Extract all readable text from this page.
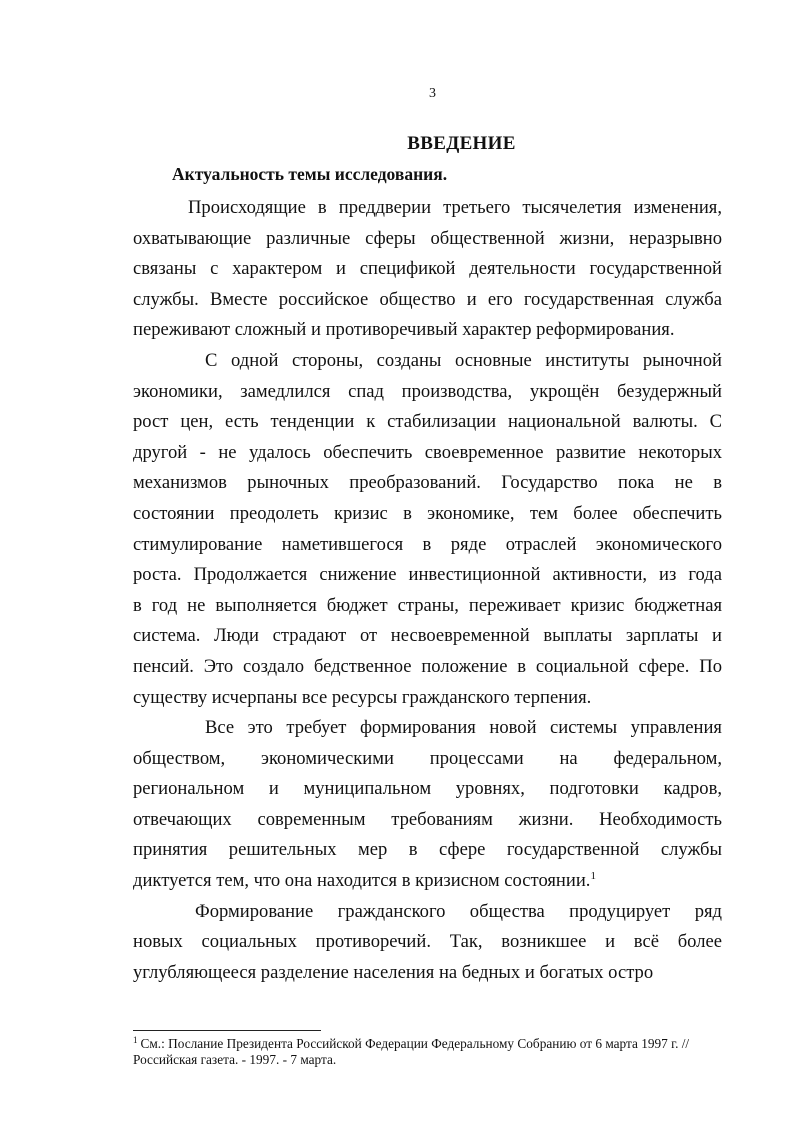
3
ВВЕДЕНИЕ
Актуальность темы исследования.
Происходящие в преддверии третьего тысячелетия изменения,
охватывающие различные сферы общественной жизни, неразрывно
связаны с характером и спецификой деятельности государственной
службы. Вместе российское общество и его государственная служба
переживают сложный и противоречивый характер реформирования.
С одной стороны, созданы основные институты рыночной
экономики, замедлился спад производства, укрощён безудержный
рост цен, есть тенденции к стабилизации национальной валюты. С
другой - не удалось обеспечить своевременное развитие некоторых
механизмов рыночных преобразований. Государство пока не в
состоянии преодолеть кризис в экономике, тем более обеспечить
стимулирование наметившегося в ряде отраслей экономического
роста. Продолжается снижение инвестиционной активности, из года
в год не выполняется бюджет страны, переживает кризис бюджетная
система. Люди страдают от несвоевременной выплаты зарплаты и
пенсий. Это создало бедственное положение в социальной сфере. По
существу исчерпаны все ресурсы гражданского терпения.
Все это требует формирования новой системы управления
обществом, экономическими процессами на федеральном,
региональном и муниципальном уровнях, подготовки кадров,
отвечающих современным требованиям жизни. Необходимость
принятия решительных мер в сфере государственной службы
диктуется тем, что она находится в кризисном состоянии.$^1$
Формирование гражданского общества продуцирует ряд
новых социальных противоречий. Так, возникшее и всё более
углубляющееся разделение населения на бедных и богатых остро
$^1$ См.: Послание Президента Российской Федерации Федеральному Собранию от 6 марта 1997 г. //
Российская газета. - 1997. - 7 марта.
